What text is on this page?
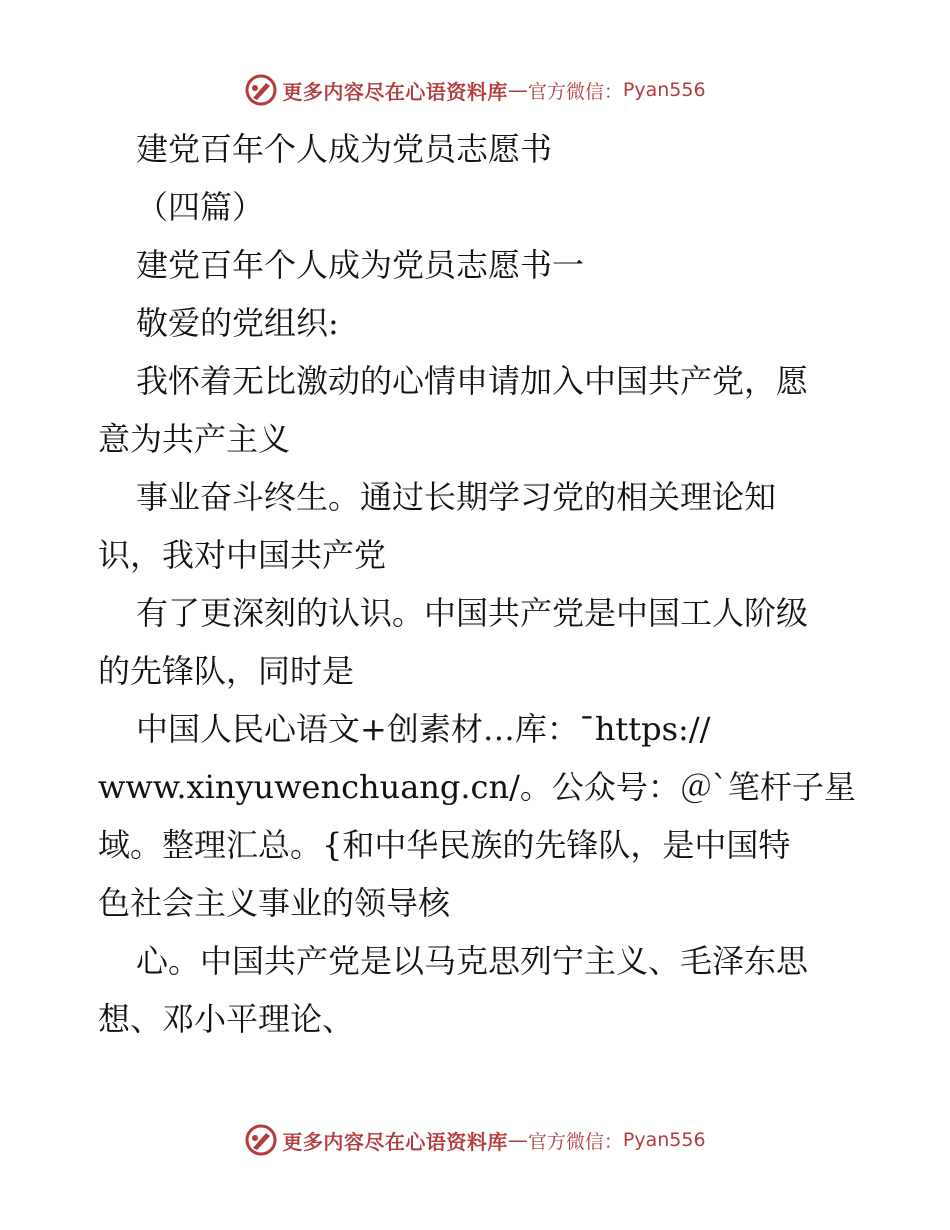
更多内容尽在心语资料库 — 官方微信： Pyan556
建党百年个人成为党员志愿书
（四篇）
建党百年个人成为党员志愿书一
敬爱的党组织:
我怀着无比激动的心情申请加入中国共产党，愿
意为共产主义
事业奋斗终生。通过长期学习党的相关理论知
识，我对中国共产党
有了更深刻的认识。中国共产党是中国工人阶级
的先锋队，同时是
中国人民心语文+创素材…库：¯https://
www.xinyuwenchuang.cn/。公众号：＠`笔杆子星
域。整理汇总。{和中华民族的先锋队，是中国特
色社会主义事业的领导核
心。中国共产党是以马克思列宁主义、毛泽东思
想、邓小平理论、
更多内容尽在心语资料库 — 官方微信： Pyan556
